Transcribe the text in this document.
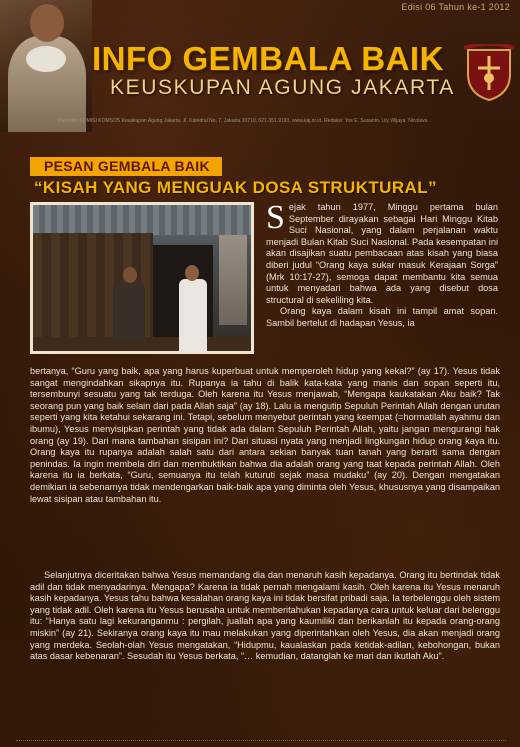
Edisi 06 Tahun ke-1 2012
INFO GEMBALA BAIK
KEUSKUPAN AGUNG JAKARTA
Penerbit: KOMISI KOMSOS Keuskupan Agung Jakarta, Jl. Katedral No. 7, Jakarta 10710, 021-351.9193, www.kaj.or.id. Redaksi: Yos E. Susanto, Lily Wijaya, Nicolava
PESAN GEMBALA BAIK
“KISAH YANG MENGUAK DOSA STRUKTURAL”
S ejak tahun 1977, Minggu pertama bulan September dirayakan sebagai Hari Minggu Kitab Suci Nasional, yang dalam perjalanan waktu menjadi Bulan Kitab Suci Nasional. Pada kesempatan ini akan disajikan suatu pembacaan atas kisah yang biasa diberi judul “Orang kaya sukar masuk Kerajaan Sorga” (Mrk 10:17-27), semoga dapat membantu kita semua untuk menyadari bahwa ada yang disebut dosa structural di sekeliling kita.
Orang kaya dalam kisah ini tampil amat sopan. Sambil bertelut di hadapan Yesus, ia
bertanya, “Guru yang baik, apa yang harus kuperbuat untuk memperoleh hidup yang kekal?” (ay 17). Yesus tidak sangat mengindahkan sikapnya itu. Rupanya ia tahu di balik kata-kata yang manis dan sopan seperti itu, tersembunyi sesuatu yang tak terduga. Oleh karena itu Yesus menjawab, “Mengapa kaukatakan Aku baik? Tak seorang pun yang baik selain dari pada Allah saja” (ay 18). Lalu ia mengutip Sepuluh Perintah Allah dengan urutan seperti yang kita ketahui sekarang ini. Tetapi, sebelum menyebut perintah yang keempat (=hormatilah ayahmu dan ibumu), Yesus menyisipkan perintah yang tidak ada dalam Sepuluh Perintah Allah, yaitu jangan mengurangi hak orang (ay 19). Dari mana tambahan sisipan ini? Dari situasi nyata yang menjadi lingkungan hidup orang kaya itu. Orang kaya itu rupanya adalah salah satu dari antara sekian banyak tuan tanah yang berarti sama dengan penindas. Ia ingin membela diri dan membuktikan bahwa dia adalah orang yang taat kepada perintah Allah. Oleh karena itu ia berkata, “Guru, semuanya itu telah kuturuti sejak masa mudaku” (ay 20). Dengan mengatakan demikian ia sebenarnya tidak mendengarkan baik-baik apa yang diminta oleh Yesus, khususnya yang disampaikan lewat sisipan atau tambahan itu.
Selanjutnya diceritakan bahwa Yesus memandang dia dan menaruh kasih kepadanya. Orang itu bertindak tidak adil dan tidak menyadarinya. Mengapa? Karena ia tidak pernah mengalami kasih. Oleh karena itu Yesus menaruh kasih kepadanya. Yesus tahu bahwa kesalahan orang kaya ini tidak bersifat pribadi saja. Ia terbelenggu oleh sistem yang tidak adil. Oleh karena itu Yesus berusaha untuk memberitahukan kepadanya cara untuk keluar dari belenggu itu: “Hanya satu lagi kekuranganmu : pergilah, juallah apa yang kaumiliki dan berikanlah itu kepada orang-orang miskin” (ay 21). Sekiranya orang kaya itu mau melakukan yang diperintahkan oleh Yesus, dia akan menjadi orang yang merdeka. Seolah-olah Yesus mengatakan, “Hidupmu, kaualaskan pada ketidak-adilan, kebohongan, bukan atas dasar kebenaran”. Sesudah itu Yesus berkata, “… kemudian, datanglah ke mari dan ikutlah Aku”.
